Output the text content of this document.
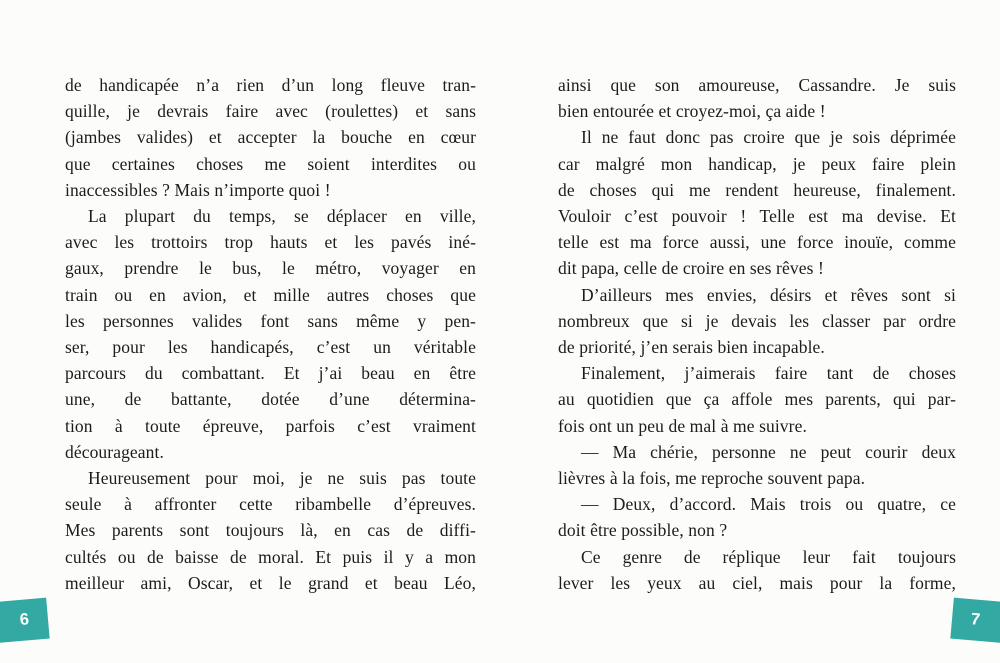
de handicapée n’a rien d’un long fleuve tran-
quille, je devrais faire avec (roulettes) et sans
(jambes valides) et accepter la bouche en cœur
que certaines choses me soient interdites ou
inaccessibles ? Mais n’importe quoi !
La plupart du temps, se déplacer en ville,
avec les trottoirs trop hauts et les pavés iné-
gaux, prendre le bus, le métro, voyager en
train ou en avion, et mille autres choses que
les personnes valides font sans même y pen-
ser, pour les handicapés, c’est un véritable
parcours du combattant. Et j’ai beau en être
une, de battante, dotée d’une détermina-
tion à toute épreuve, parfois c’est vraiment
décourageant.
Heureusement pour moi, je ne suis pas toute
seule à affronter cette ribambelle d’épreuves.
Mes parents sont toujours là, en cas de diffi-
cultés ou de baisse de moral. Et puis il y a mon
meilleur ami, Oscar, et le grand et beau Léo,
6
ainsi que son amoureuse, Cassandre. Je suis
bien entourée et croyez-moi, ça aide !
Il ne faut donc pas croire que je sois déprimée
car malgré mon handicap, je peux faire plein
de choses qui me rendent heureuse, finalement.
Vouloir c’est pouvoir ! Telle est ma devise. Et
telle est ma force aussi, une force inouïe, comme
dit papa, celle de croire en ses rêves !
D’ailleurs mes envies, désirs et rêves sont si
nombreux que si je devais les classer par ordre
de priorité, j’en serais bien incapable.
Finalement, j’aimerais faire tant de choses
au quotidien que ça affole mes parents, qui par-
fois ont un peu de mal à me suivre.
— Ma chérie, personne ne peut courir deux
lièvres à la fois, me reproche souvent papa.
— Deux, d’accord. Mais trois ou quatre, ce
doit être possible, non ?
Ce genre de réplique leur fait toujours
lever les yeux au ciel, mais pour la forme,
7
